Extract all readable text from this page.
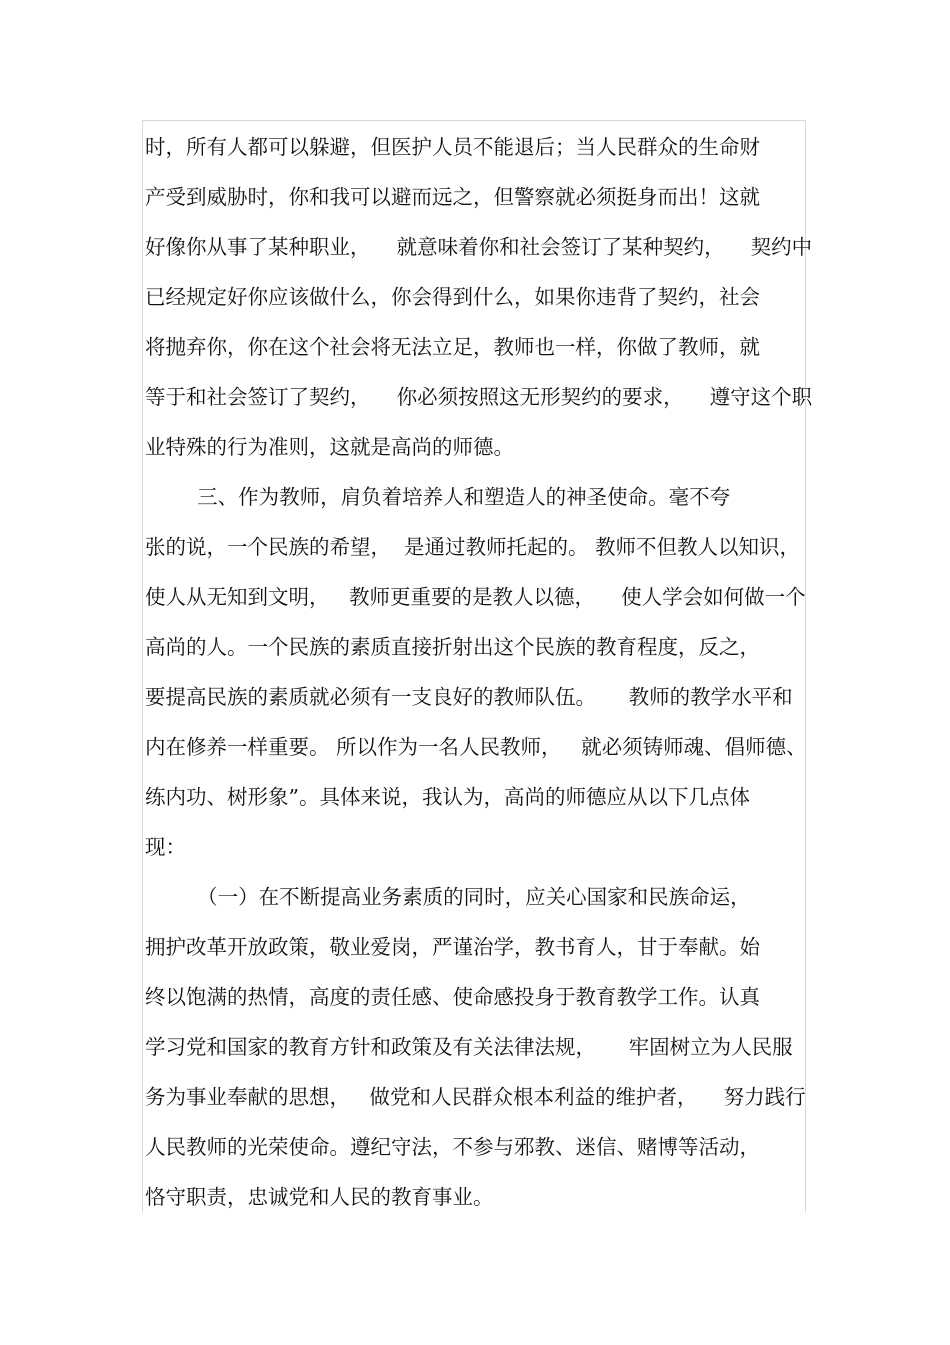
时，所有人都可以躲避，但医护人员不能退后；当人民群众的生命财
产受到威胁时，你和我可以避而远之，但警察就必须挺身而出！这就
好像你从事了某种职业，    就意味着你和社会签订了某种契约，    契约中
已经规定好你应该做什么，你会得到什么，如果你违背了契约，社会
将抛弃你，你在这个社会将无法立足，教师也一样，你做了教师，就
等于和社会签订了契约，    你必须按照这无形契约的要求，    遵守这个职
业特殊的行为准则，这就是高尚的师德。
三、作为教师，肩负着培养人和塑造人的神圣使命。毫不夸
张的说，一个民族的希望，  是通过教师托起的。 教师不但教人以知识，
使人从无知到文明，   教师更重要的是教人以德，    使人学会如何做一个
高尚的人。一个民族的素质直接折射出这个民族的教育程度，反之，
要提高民族的素质就必须有一支良好的教师队伍。     教师的教学水平和
内在修养一样重要。 所以作为一名人民教师，   就必须铸师魂、倡师德、
练内功、树形象”。具体来说，我认为，高尚的师德应从以下几点体
现：
（一）在不断提高业务素质的同时，应关心国家和民族命运，
拥护改革开放政策，敬业爱岗，严谨治学，教书育人，甘于奉献。始
终以饱满的热情，高度的责任感、使命感投身于教育教学工作。认真
学习党和国家的教育方针和政策及有关法律法规，     牢固树立为人民服
务为事业奉献的思想，   做党和人民群众根本利益的维护者，    努力践行
人民教师的光荣使命。遵纪守法，不参与邪教、迷信、赌博等活动，
恪守职责，忠诚党和人民的教育事业。
